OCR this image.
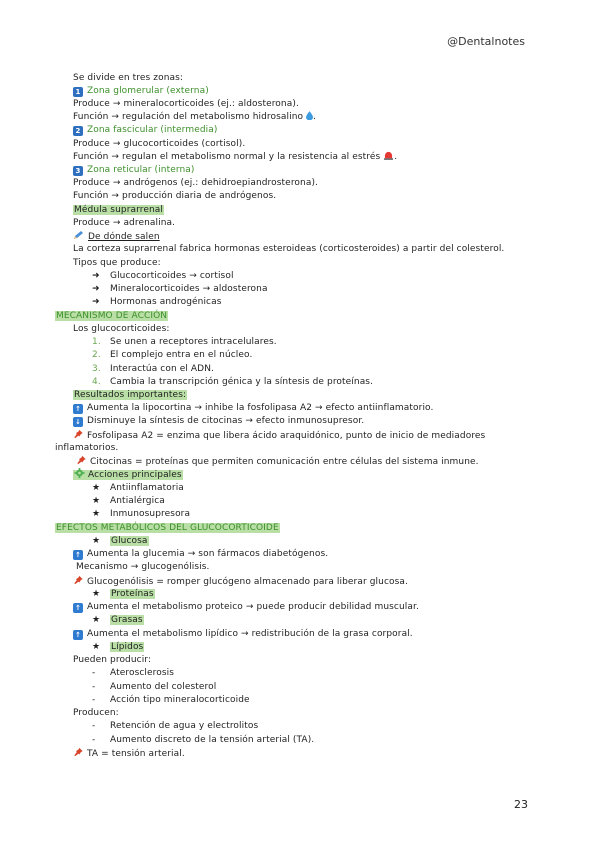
@Dentalnotes
Se divide en tres zonas:
1 Zona glomerular (externa)
Produce → mineralocorticoides (ej.: aldosterona).
Función → regulación del metabolismo hidrosalino .
2 Zona fascicular (intermedia)
Produce → glucocorticoides (cortisol).
Función → regulan el metabolismo normal y la resistencia al estrés .
3 Zona reticular (interna)
Produce → andrógenos (ej.: dehidroepiandrosterona).
Función → producción diaria de andrógenos.
Médula suprarrenal
Produce → adrenalina.
De dónde salen
La corteza suprarrenal fabrica hormonas esteroideas (corticosteroides) a partir del colesterol.
Tipos que produce:
➜ Glucocorticoides → cortisol
➜ Mineralocorticoides → aldosterona
➜ Hormonas androgénicas
MECANISMO DE ACCIÓN
Los glucocorticoides:
1. Se unen a receptores intracelulares.
2. El complejo entra en el núcleo.
3. Interactúa con el ADN.
4. Cambia la transcripción génica y la síntesis de proteínas.
Resultados importantes:
↑ Aumenta la lipocortina → inhibe la fosfolipasa A2 → efecto antiinflamatorio.
↓ Disminuye la síntesis de citocinas → efecto inmunosupresor.
Fosfolipasa A2 = enzima que libera ácido araquidónico, punto de inicio de mediadores
inflamatorios.
Citocinas = proteínas que permiten comunicación entre células del sistema inmune.
Acciones principales
★ Antiinflamatoria
★ Antialérgica
★ Inmunosupresora
EFECTOS METABÓLICOS DEL GLUCOCORTICOIDE
★ Glucosa
↑ Aumenta la glucemia → son fármacos diabetógenos.
Mecanismo → glucogenólisis.
Glucogenólisis = romper glucógeno almacenado para liberar glucosa.
★ Proteínas
↑ Aumenta el metabolismo proteico → puede producir debilidad muscular.
★ Grasas
↑ Aumenta el metabolismo lipídico → redistribución de la grasa corporal.
★ Lípidos
Pueden producir:
- Aterosclerosis
- Aumento del colesterol
- Acción tipo mineralocorticoide
Producen:
- Retención de agua y electrolitos
- Aumento discreto de la tensión arterial (TA).
TA = tensión arterial.
23
